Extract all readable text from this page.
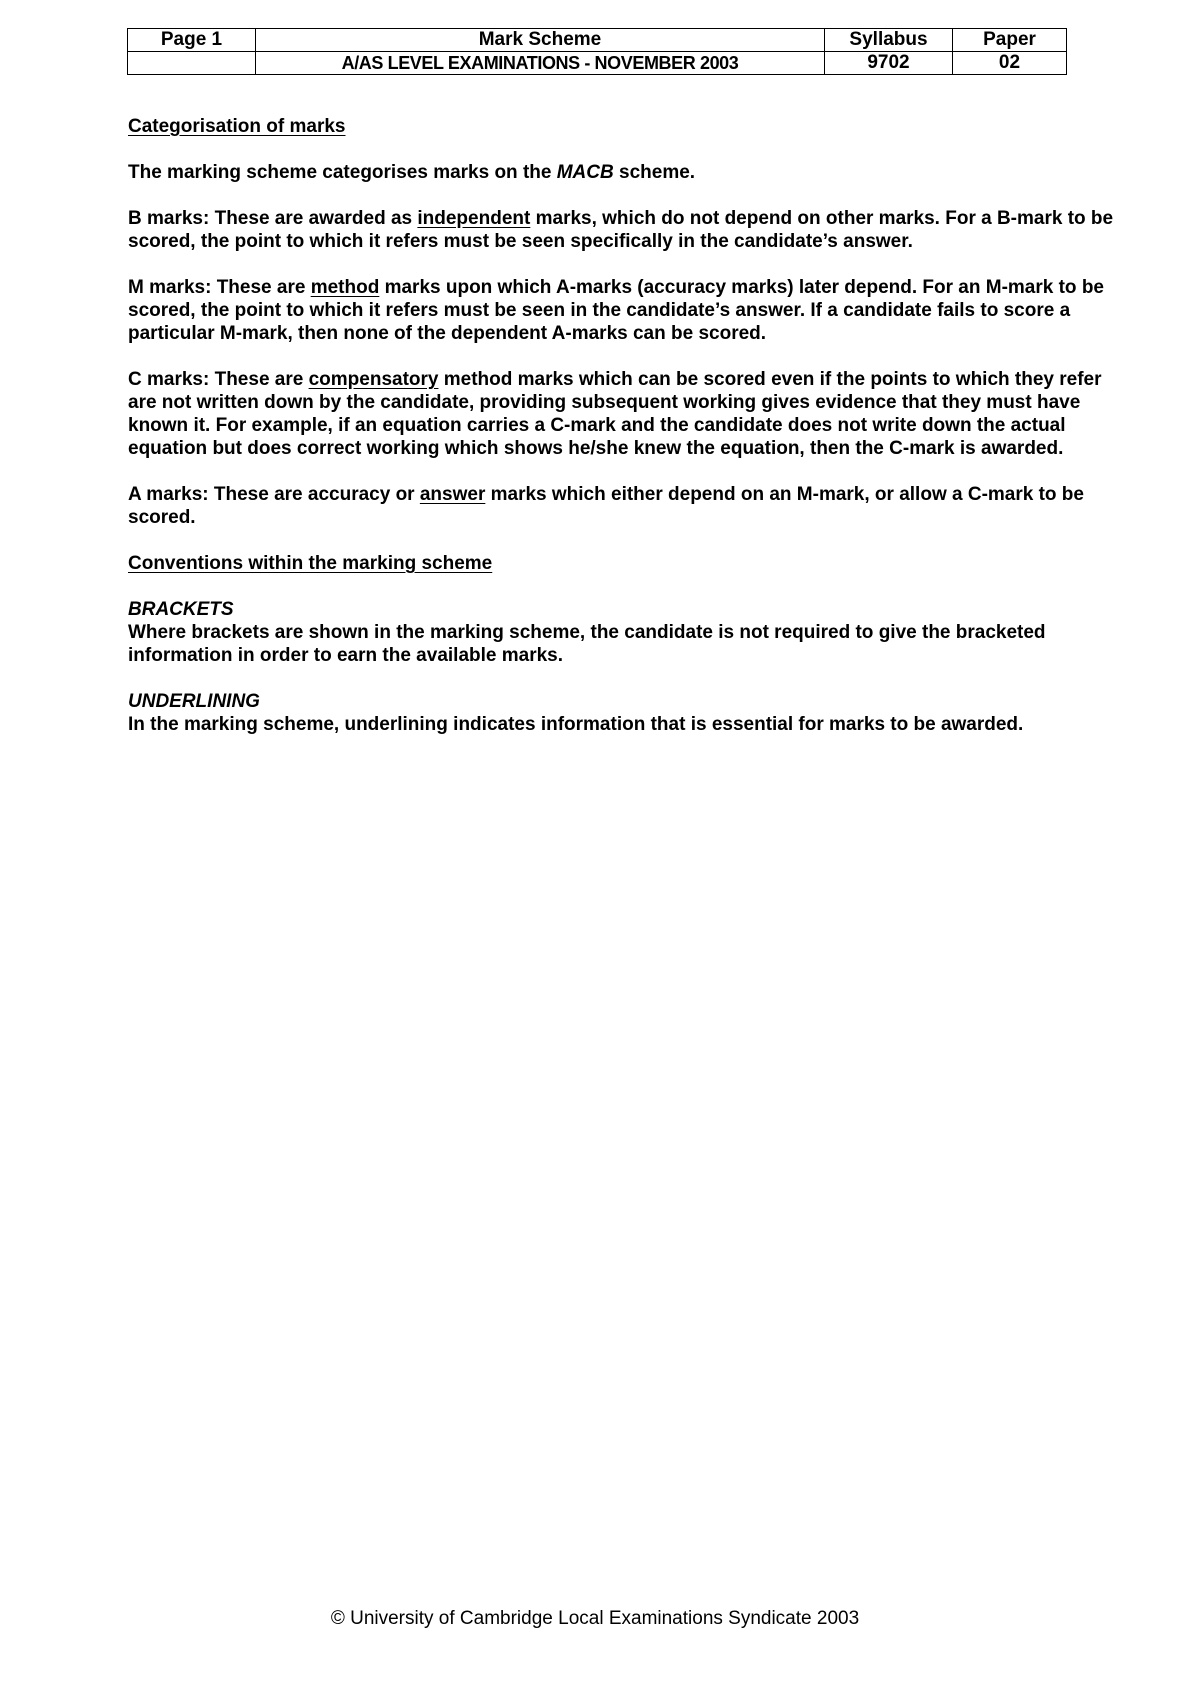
Page 1	Mark Scheme	Syllabus	Paper
	A/AS LEVEL EXAMINATIONS - NOVEMBER 2003	9702	02

Categorisation of marks

The marking scheme categorises marks on the MACB scheme.

B marks: These are awarded as independent marks, which do not depend on other marks. For a B-mark to be scored, the point to which it refers must be seen specifically in the candidate’s answer.

M marks: These are method marks upon which A-marks (accuracy marks) later depend. For an M-mark to be scored, the point to which it refers must be seen in the candidate’s answer. If a candidate fails to score a particular M-mark, then none of the dependent A-marks can be scored.

C marks: These are compensatory method marks which can be scored even if the points to which they refer are not written down by the candidate, providing subsequent working gives evidence that they must have known it. For example, if an equation carries a C-mark and the candidate does not write down the actual equation but does correct working which shows he/she knew the equation, then the C-mark is awarded.

A marks: These are accuracy or answer marks which either depend on an M-mark, or allow a C-mark to be scored.

Conventions within the marking scheme

BRACKETS
Where brackets are shown in the marking scheme, the candidate is not required to give the bracketed information in order to earn the available marks.

UNDERLINING
In the marking scheme, underlining indicates information that is essential for marks to be awarded.

© University of Cambridge Local Examinations Syndicate 2003
